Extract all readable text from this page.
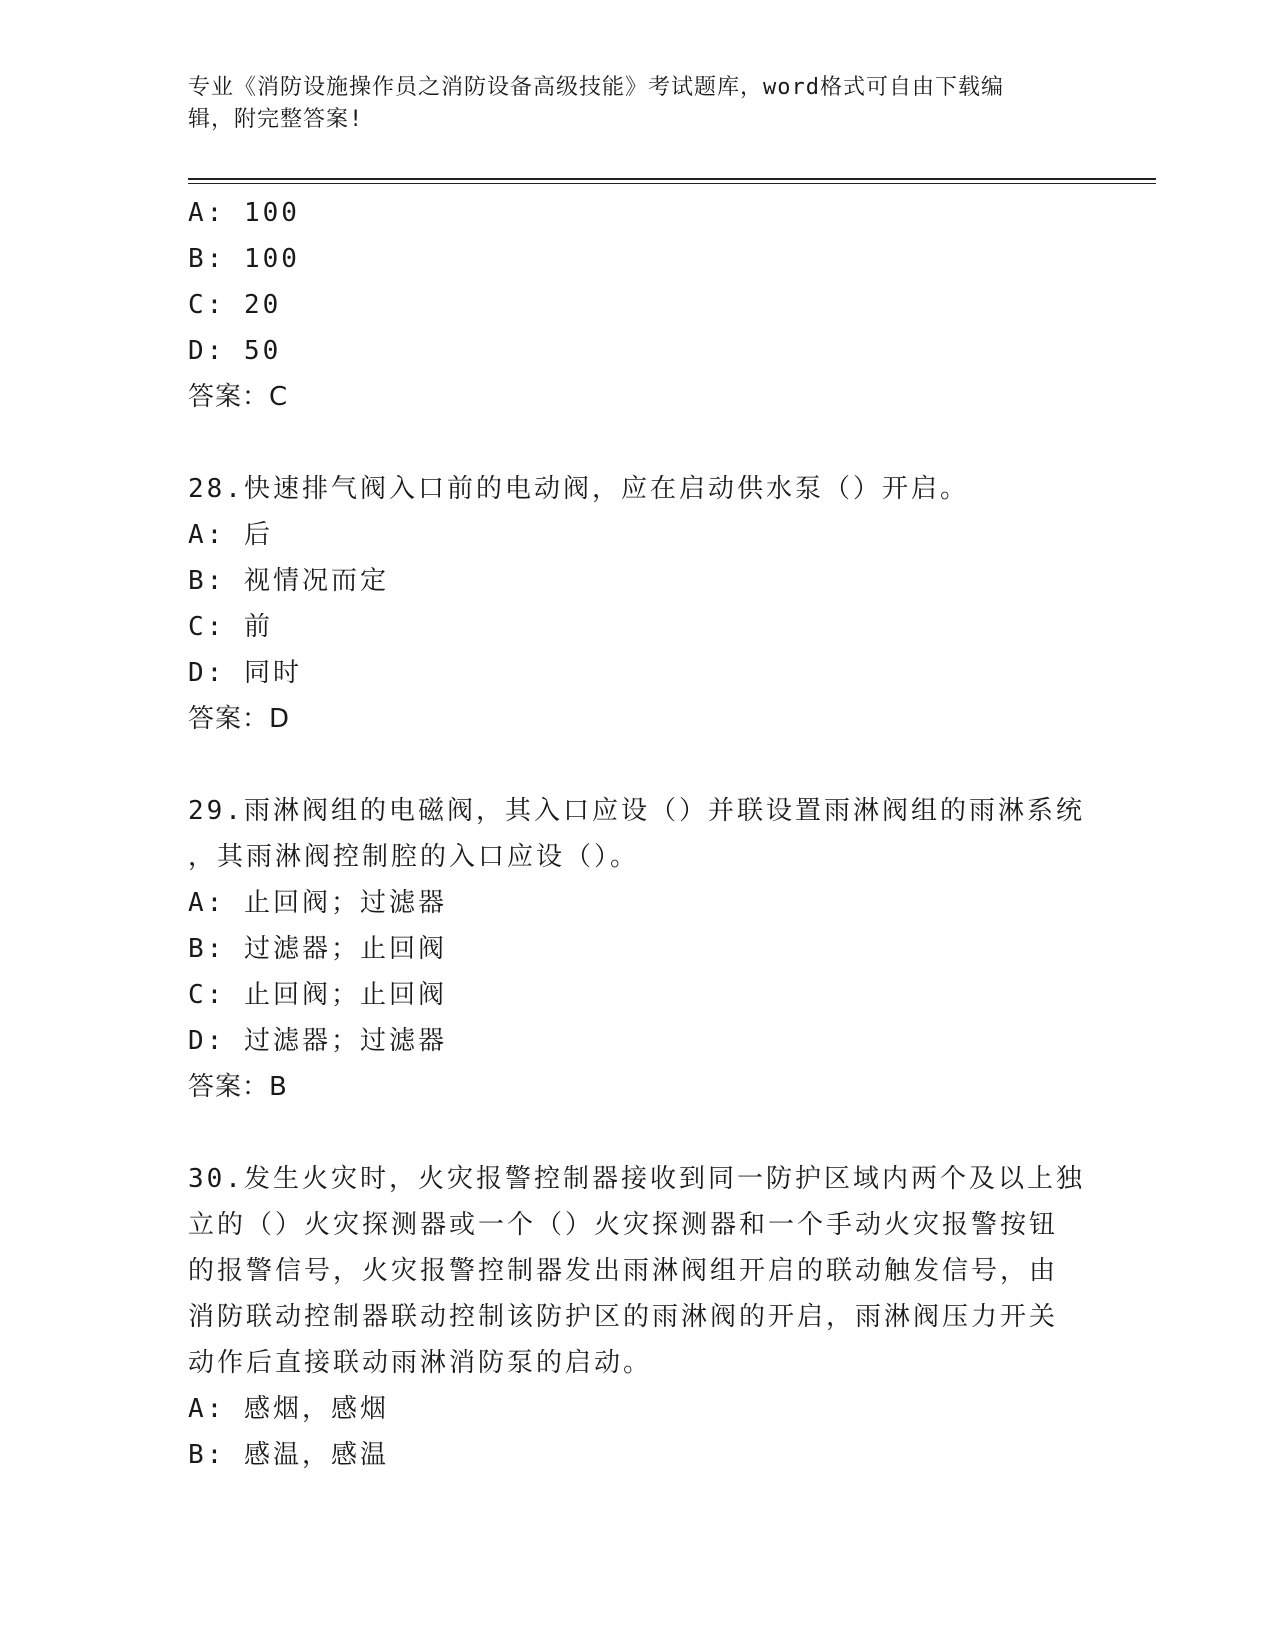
专业《消防设施操作员之消防设备高级技能》考试题库，word格式可自由下载编
辑，附完整答案!
A: 100
B: 100
C: 20
D: 50
答案：C
28.快速排气阀入口前的电动阀，应在启动供水泵（）开启。
A: 后
B: 视情况而定
C: 前
D: 同时
答案：D
29.雨淋阀组的电磁阀，其入口应设（）并联设置雨淋阀组的雨淋系统
，其雨淋阀控制腔的入口应设（）。
A: 止回阀；过滤器
B: 过滤器；止回阀
C: 止回阀；止回阀
D: 过滤器；过滤器
答案：B
30.发生火灾时，火灾报警控制器接收到同一防护区域内两个及以上独
立的（）火灾探测器或一个（）火灾探测器和一个手动火灾报警按钮
的报警信号，火灾报警控制器发出雨淋阀组开启的联动触发信号，由
消防联动控制器联动控制该防护区的雨淋阀的开启，雨淋阀压力开关
动作后直接联动雨淋消防泵的启动。
A: 感烟，感烟
B: 感温，感温
